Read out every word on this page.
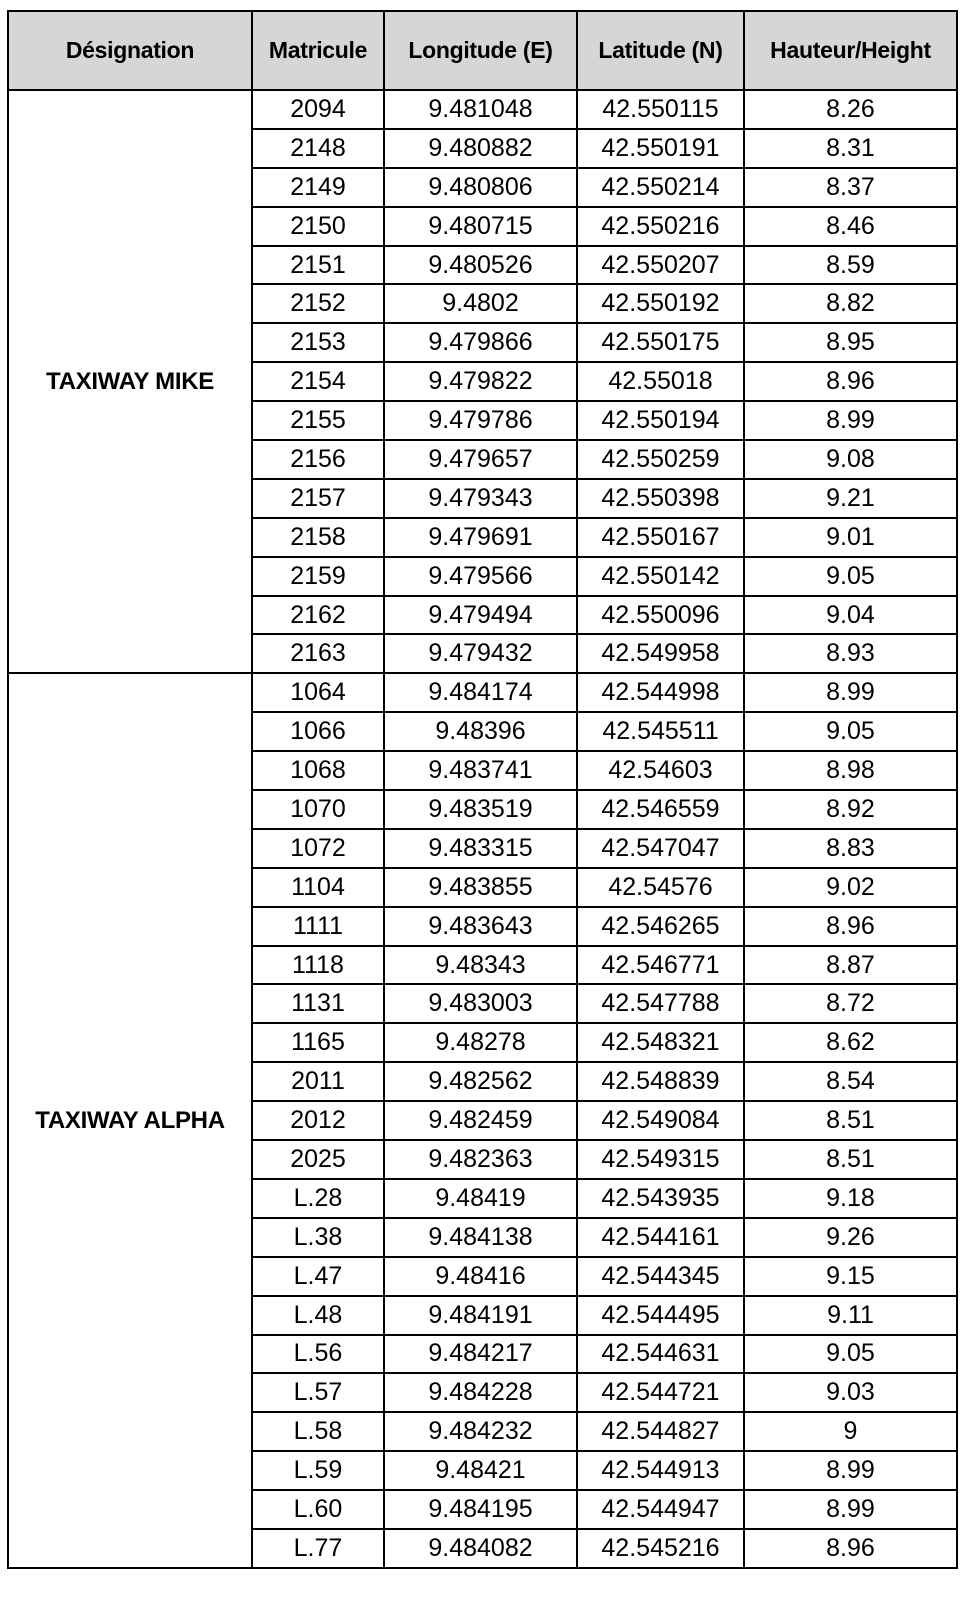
Désignation	Matricule	Longitude (E)	Latitude (N)	Hauteur/Height
TAXIWAY MIKE	2094	9.481048	42.550115	8.26
	2148	9.480882	42.550191	8.31
	2149	9.480806	42.550214	8.37
	2150	9.480715	42.550216	8.46
	2151	9.480526	42.550207	8.59
	2152	9.4802	42.550192	8.82
	2153	9.479866	42.550175	8.95
	2154	9.479822	42.55018	8.96
	2155	9.479786	42.550194	8.99
	2156	9.479657	42.550259	9.08
	2157	9.479343	42.550398	9.21
	2158	9.479691	42.550167	9.01
	2159	9.479566	42.550142	9.05
	2162	9.479494	42.550096	9.04
	2163	9.479432	42.549958	8.93
TAXIWAY ALPHA	1064	9.484174	42.544998	8.99
	1066	9.48396	42.545511	9.05
	1068	9.483741	42.54603	8.98
	1070	9.483519	42.546559	8.92
	1072	9.483315	42.547047	8.83
	1104	9.483855	42.54576	9.02
	1111	9.483643	42.546265	8.96
	1118	9.48343	42.546771	8.87
	1131	9.483003	42.547788	8.72
	1165	9.48278	42.548321	8.62
	2011	9.482562	42.548839	8.54
	2012	9.482459	42.549084	8.51
	2025	9.482363	42.549315	8.51
	L.28	9.48419	42.543935	9.18
	L.38	9.484138	42.544161	9.26
	L.47	9.48416	42.544345	9.15
	L.48	9.484191	42.544495	9.11
	L.56	9.484217	42.544631	9.05
	L.57	9.484228	42.544721	9.03
	L.58	9.484232	42.544827	9
	L.59	9.48421	42.544913	8.99
	L.60	9.484195	42.544947	8.99
	L.77	9.484082	42.545216	8.96
